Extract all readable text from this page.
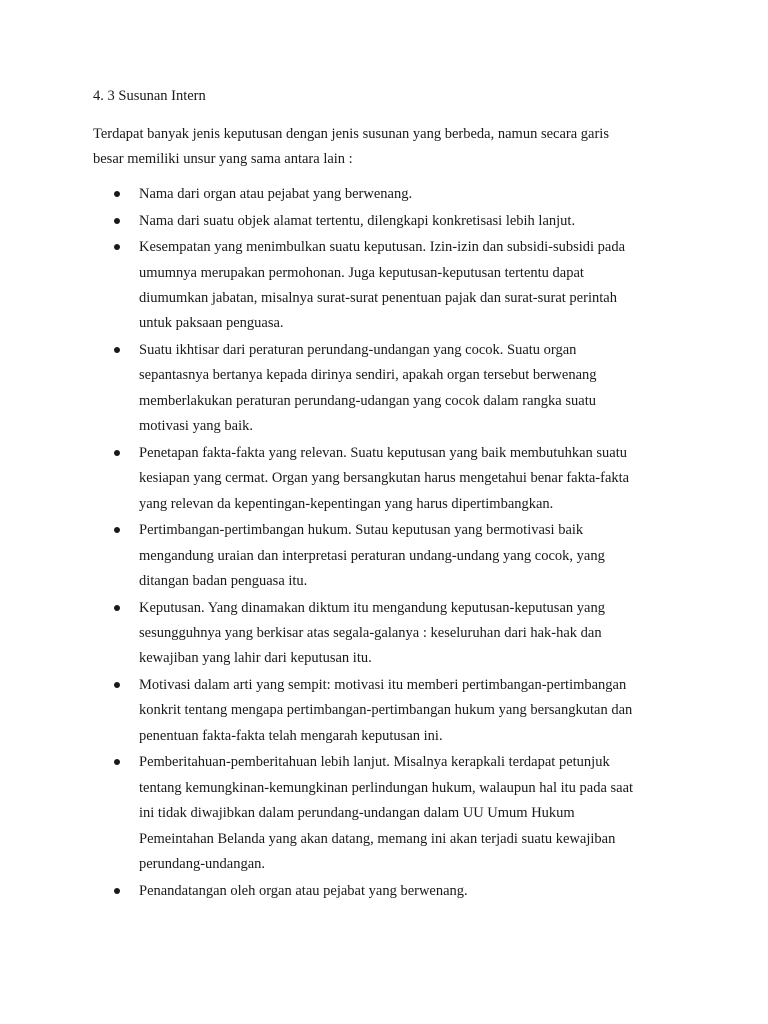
4. 3 Susunan Intern

Terdapat banyak jenis keputusan dengan jenis susunan yang berbeda, namun secara garis
besar memiliki unsur yang sama antara lain :

Nama dari organ atau pejabat yang berwenang.

Nama dari suatu objek alamat tertentu, dilengkapi konkretisasi lebih lanjut.

Kesempatan yang menimbulkan suatu keputusan. Izin-izin dan subsidi-subsidi pada
umumnya merupakan permohonan. Juga keputusan-keputusan tertentu dapat
diumumkan jabatan, misalnya surat-surat penentuan pajak dan surat-surat perintah
untuk paksaan penguasa.

Suatu ikhtisar dari peraturan perundang-undangan yang cocok. Suatu organ
sepantasnya bertanya kepada dirinya sendiri, apakah organ tersebut berwenang
memberlakukan peraturan perundang-udangan yang cocok dalam rangka suatu
motivasi yang baik.

Penetapan fakta-fakta yang relevan. Suatu keputusan yang baik membutuhkan suatu
kesiapan yang cermat. Organ yang bersangkutan harus mengetahui benar fakta-fakta
yang relevan da kepentingan-kepentingan yang harus dipertimbangkan.

Pertimbangan-pertimbangan hukum. Sutau keputusan yang bermotivasi baik
mengandung uraian dan interpretasi peraturan undang-undang yang cocok, yang
ditangan badan penguasa itu.

Keputusan. Yang dinamakan diktum itu mengandung keputusan-keputusan yang
sesungguhnya yang berkisar atas segala-galanya : keseluruhan dari hak-hak dan
kewajiban yang lahir dari keputusan itu.

Motivasi dalam arti yang sempit: motivasi itu memberi pertimbangan-pertimbangan
konkrit tentang mengapa pertimbangan-pertimbangan hukum yang bersangkutan dan
penentuan fakta-fakta telah mengarah keputusan ini.

Pemberitahuan-pemberitahuan lebih lanjut. Misalnya kerapkali terdapat petunjuk
tentang kemungkinan-kemungkinan perlindungan hukum, walaupun hal itu pada saat
ini tidak diwajibkan dalam perundang-undangan dalam UU Umum Hukum
Pemeintahan Belanda yang akan datang, memang ini akan terjadi suatu kewajiban
perundang-undangan.

Penandatangan oleh organ atau pejabat yang berwenang.
